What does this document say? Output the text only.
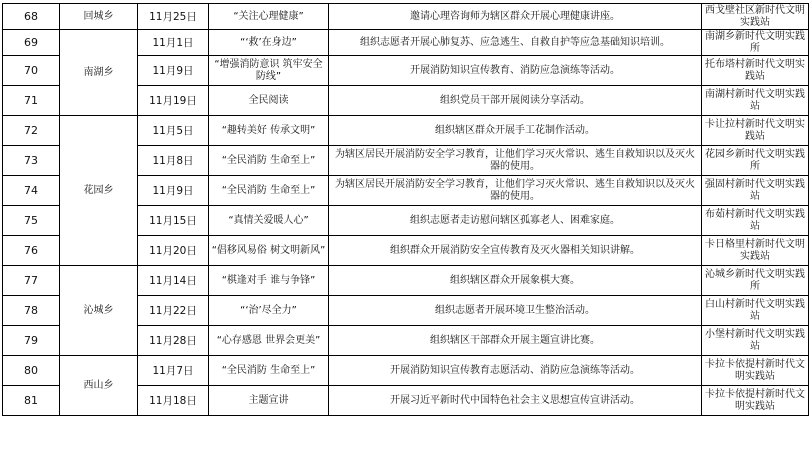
68	回城乡	11月25日	“关注心理健康”	邀请心理咨询师为辖区群众开展心理健康讲座。	西戈壁社区新时代文明实践站
69	南湖乡	11月1日	“‘救’在身边”	组织志愿者开展心肺复苏、应急逃生、自救自护等应急基础知识培训。	南湖乡新时代文明实践所
70		11月9日	“增强消防意识 筑牢安全防线”	开展消防知识宣传教育、消防应急演练等活动。	托布塔村新时代文明实践站
71		11月19日	全民阅读	组织党员干部开展阅读分享活动。	南湖村新时代文明实践站
72	花园乡	11月5日	“趣转美好 传承文明”	组织辖区群众开展手工花制作活动。	卡让拉村新时代文明实践站
73		11月8日	“全民消防 生命至上”	为辖区居民开展消防安全学习教育，让他们学习灭火常识、逃生自救知识以及灭火器的使用。	花园乡新时代文明实践所
74		11月9日	“全民消防 生命至上”	为辖区居民开展消防安全学习教育，让他们学习灭火常识、逃生自救知识以及灭火器的使用。	强固村新时代文明实践站
75		11月15日	“真情关爱暖人心”	组织志愿者走访慰问辖区孤寡老人、困难家庭。	布茹村新时代文明实践站
76		11月20日	“倡移风易俗 树文明新风”	组织群众开展消防安全宣传教育及灭火器相关知识讲解。	卡日格里村新时代文明实践站
77	沁城乡	11月14日	“棋逢对手 谁与争锋”	组织辖区群众开展象棋大赛。	沁城乡新时代文明实践所
78		11月22日	“‘治’尽全力”	组织志愿者开展环境卫生整治活动。	白山村新时代文明实践站
79		11月28日	“心存感恩 世界会更美”	组织辖区干部群众开展主题宣讲比赛。	小堡村新时代文明实践站
80	西山乡	11月7日	“全民消防 生命至上”	开展消防知识宣传教育志愿活动、消防应急演练等活动。	卡拉卡依提村新时代文明实践站
81		11月18日	主题宣讲	开展习近平新时代中国特色社会主义思想宣传宣讲活动。	卡拉卡依提村新时代文明实践站
